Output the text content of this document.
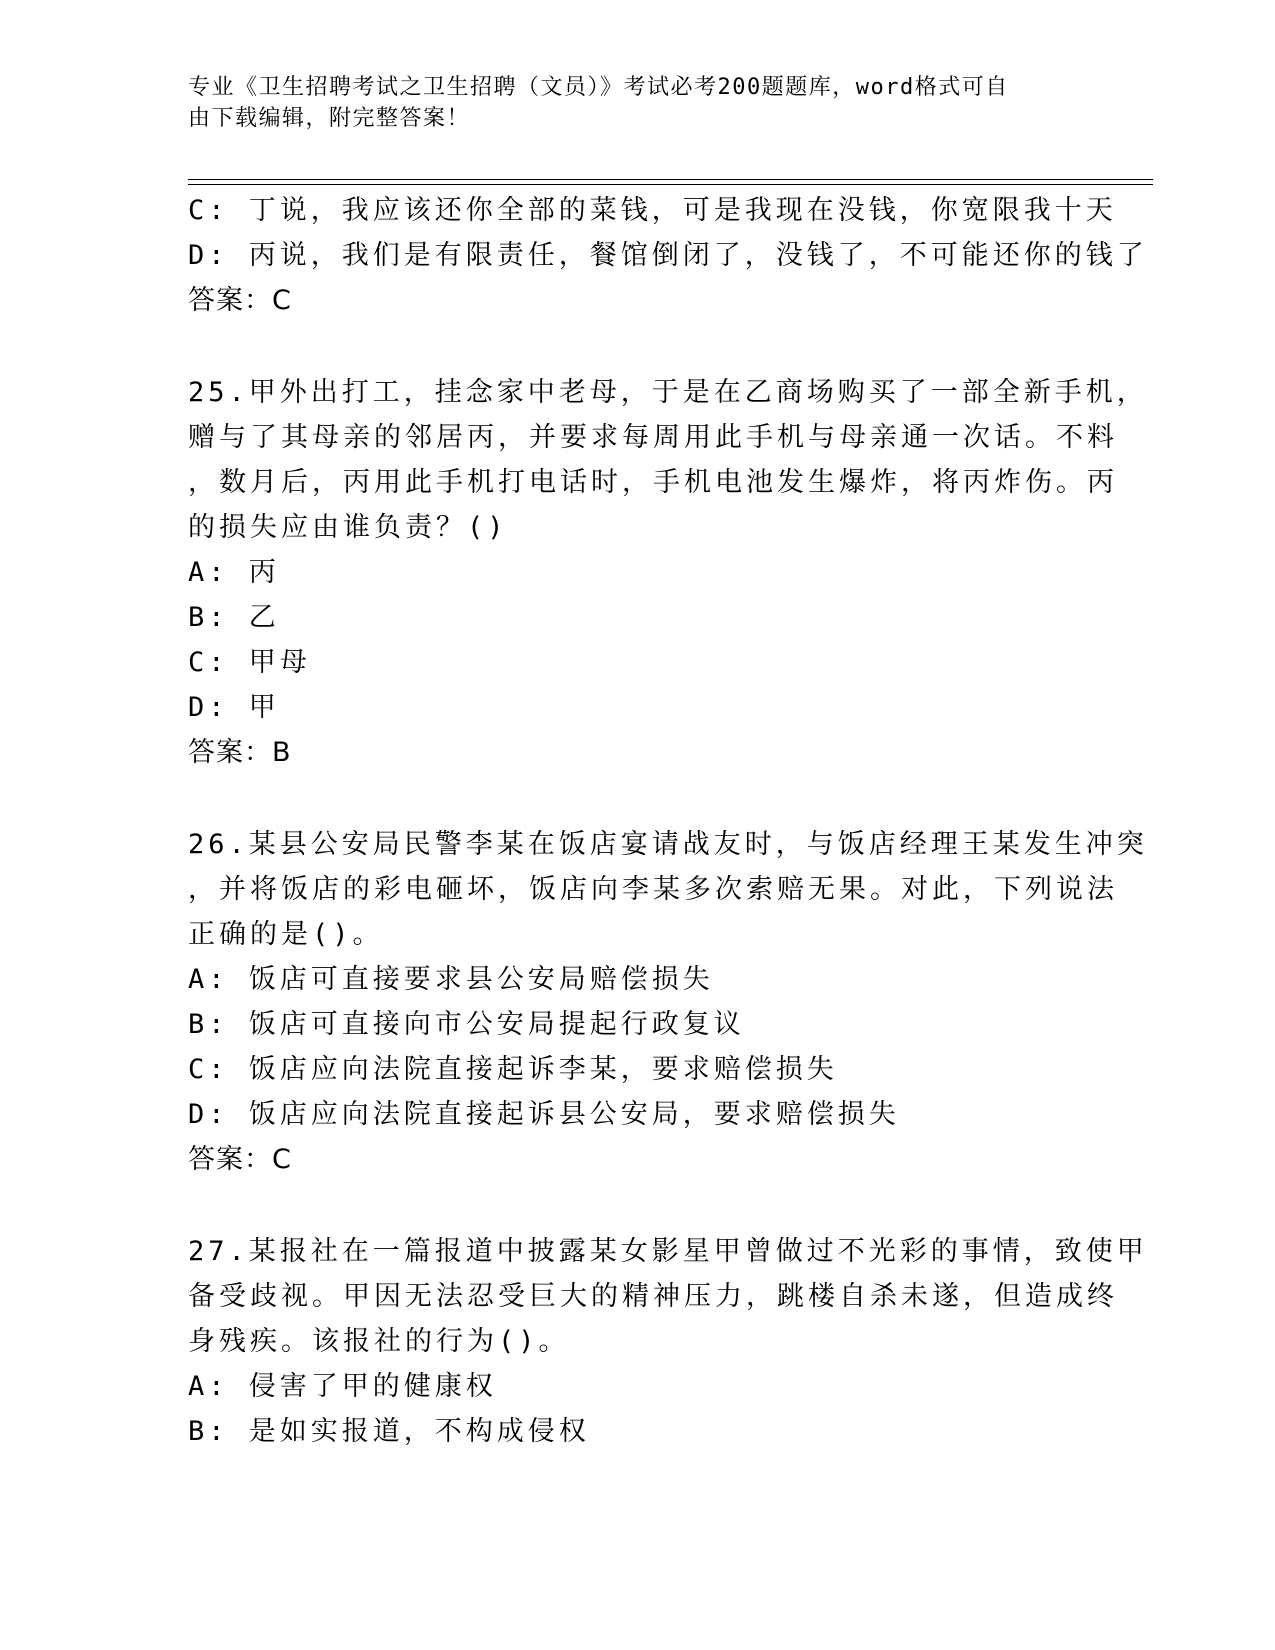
专业《卫生招聘考试之卫生招聘（文员）》考试必考200题题库，word格式可自
由下载编辑，附完整答案！
C: 丁说，我应该还你全部的菜钱，可是我现在没钱，你宽限我十天
D: 丙说，我们是有限责任，餐馆倒闭了，没钱了，不可能还你的钱了
答案：C
25.甲外出打工，挂念家中老母，于是在乙商场购买了一部全新手机，
赠与了其母亲的邻居丙，并要求每周用此手机与母亲通一次话。不料
，数月后，丙用此手机打电话时，手机电池发生爆炸，将丙炸伤。丙
的损失应由谁负责？()
A: 丙
B: 乙
C: 甲母
D: 甲
答案：B
26.某县公安局民警李某在饭店宴请战友时，与饭店经理王某发生冲突
，并将饭店的彩电砸坏，饭店向李某多次索赔无果。对此，下列说法
正确的是()。
A: 饭店可直接要求县公安局赔偿损失
B: 饭店可直接向市公安局提起行政复议
C: 饭店应向法院直接起诉李某，要求赔偿损失
D: 饭店应向法院直接起诉县公安局，要求赔偿损失
答案：C
27.某报社在一篇报道中披露某女影星甲曾做过不光彩的事情，致使甲
备受歧视。甲因无法忍受巨大的精神压力，跳楼自杀未遂，但造成终
身残疾。该报社的行为()。
A: 侵害了甲的健康权
B: 是如实报道，不构成侵权
